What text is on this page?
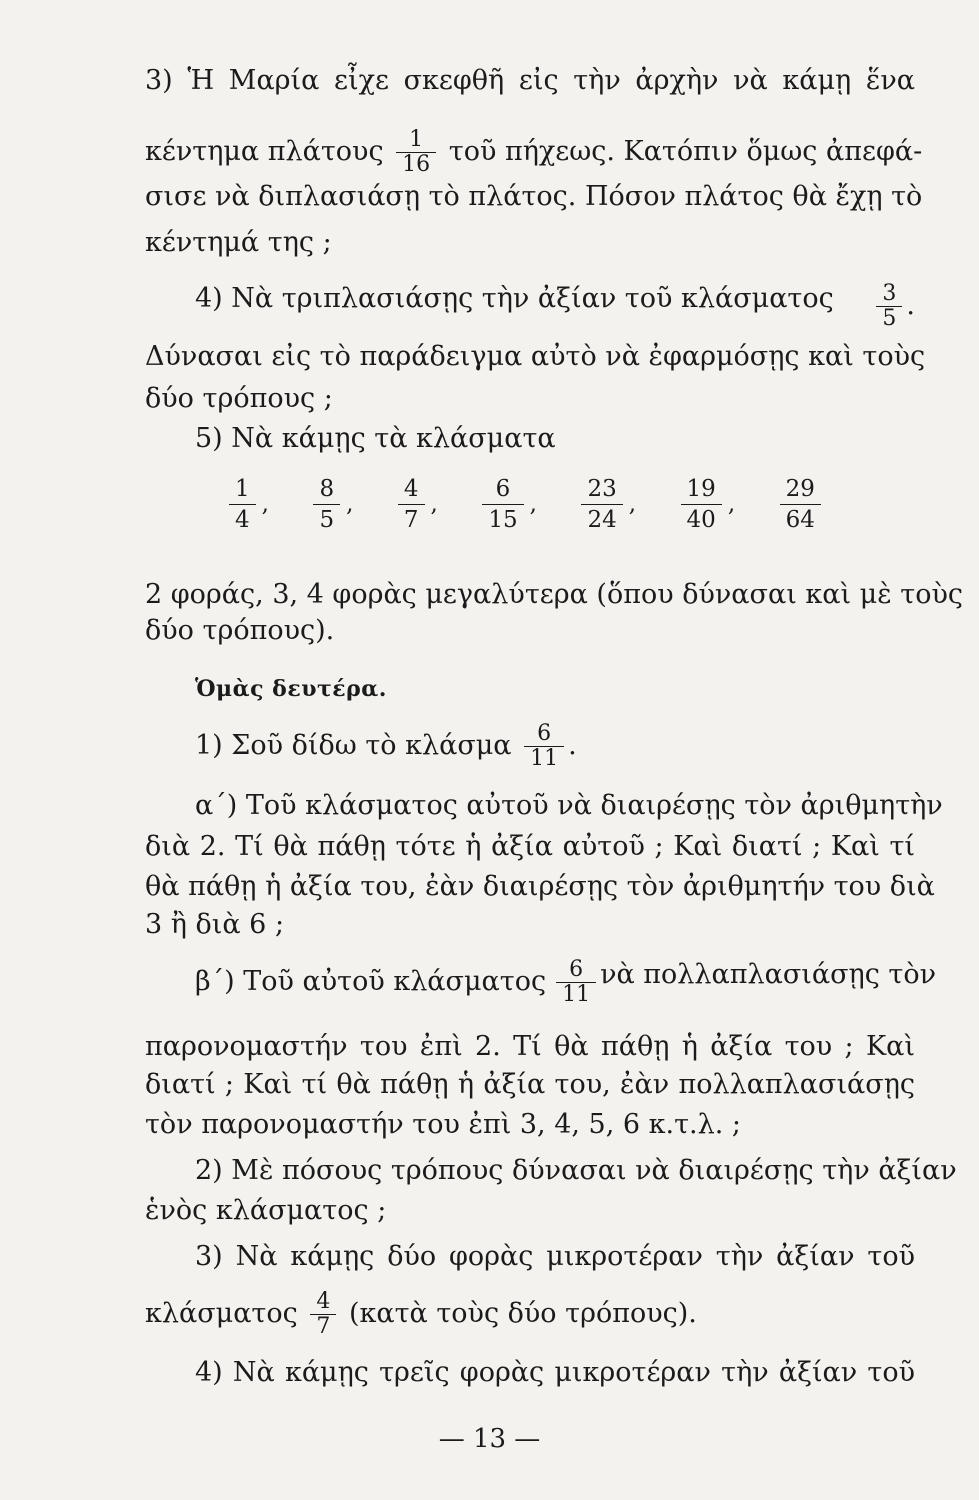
3) Ἡ Μαρία εἶχε σκεφθῆ εἰς τὴν ἀρχὴν νὰ κάμῃ ἕνα
κέντημα πλάτους $\frac{1}{16}$ τοῦ πήχεως. Κατόπιν ὅμως ἀπεφά-
σισε νὰ διπλασιάσῃ τὸ πλάτος. Πόσον πλάτος θὰ ἔχῃ τὸ
κέντημά της ;
4) Νὰ τριπλασιάσῃς τὴν ἀξίαν τοῦ κλάσματος $\frac{3}{5}$ .
Δύνασαι εἰς τὸ παράδειγμα αὐτὸ νὰ ἐφαρμόσῃς καὶ τοὺς
δύο τρόπους ;
5) Νὰ κάμῃς τὰ κλάσματα
$\frac{1}{4}$ , $\frac{8}{5}$ , $\frac{4}{7}$ , $\frac{6}{15}$ , $\frac{23}{24}$ , $\frac{19}{40}$ , $\frac{29}{64}$
2 φοράς, 3, 4 φορὰς μεγαλύτερα (ὅπου δύνασαι καὶ μὲ τοὺς
δύο τρόπους).
Ὁμὰς δευτέρα.
1) Σοῦ δίδω τὸ κλάσμα $\frac{6}{11}$ .
α΄) Τοῦ κλάσματος αὐτοῦ νὰ διαιρέσῃς τὸν ἀριθμητὴν
διὰ 2. Τί θὰ πάθῃ τότε ἡ ἀξία αὐτοῦ ; Καὶ διατί ; Καὶ τί
θὰ πάθῃ ἡ ἀξία του, ἐὰν διαιρέσῃς τὸν ἀριθμητήν του διὰ
3 ἢ διὰ 6 ;
β΄) Τοῦ αὐτοῦ κλάσματος $\frac{6}{11}$ νὰ πολλαπλασιάσῃς τὸν
παρονομαστήν του ἐπὶ 2. Τί θὰ πάθῃ ἡ ἀξία του ; Καὶ
διατί ; Καὶ τί θὰ πάθῃ ἡ ἀξία του, ἐὰν πολλαπλασιάσῃς
τὸν παρονομαστήν του ἐπὶ 3, 4, 5, 6 κ.τ.λ. ;
2) Μὲ πόσους τρόπους δύνασαι νὰ διαιρέσῃς τὴν ἀξίαν
ἑνὸς κλάσματος ;
3) Νὰ κάμῃς δύο φορὰς μικροτέραν τὴν ἀξίαν τοῦ
κλάσματος $\frac{4}{7}$ (κατὰ τοὺς δύο τρόπους).
4) Νὰ κάμῃς τρεῖς φορὰς μικροτέραν τὴν ἀξίαν τοῦ
— 13 —
